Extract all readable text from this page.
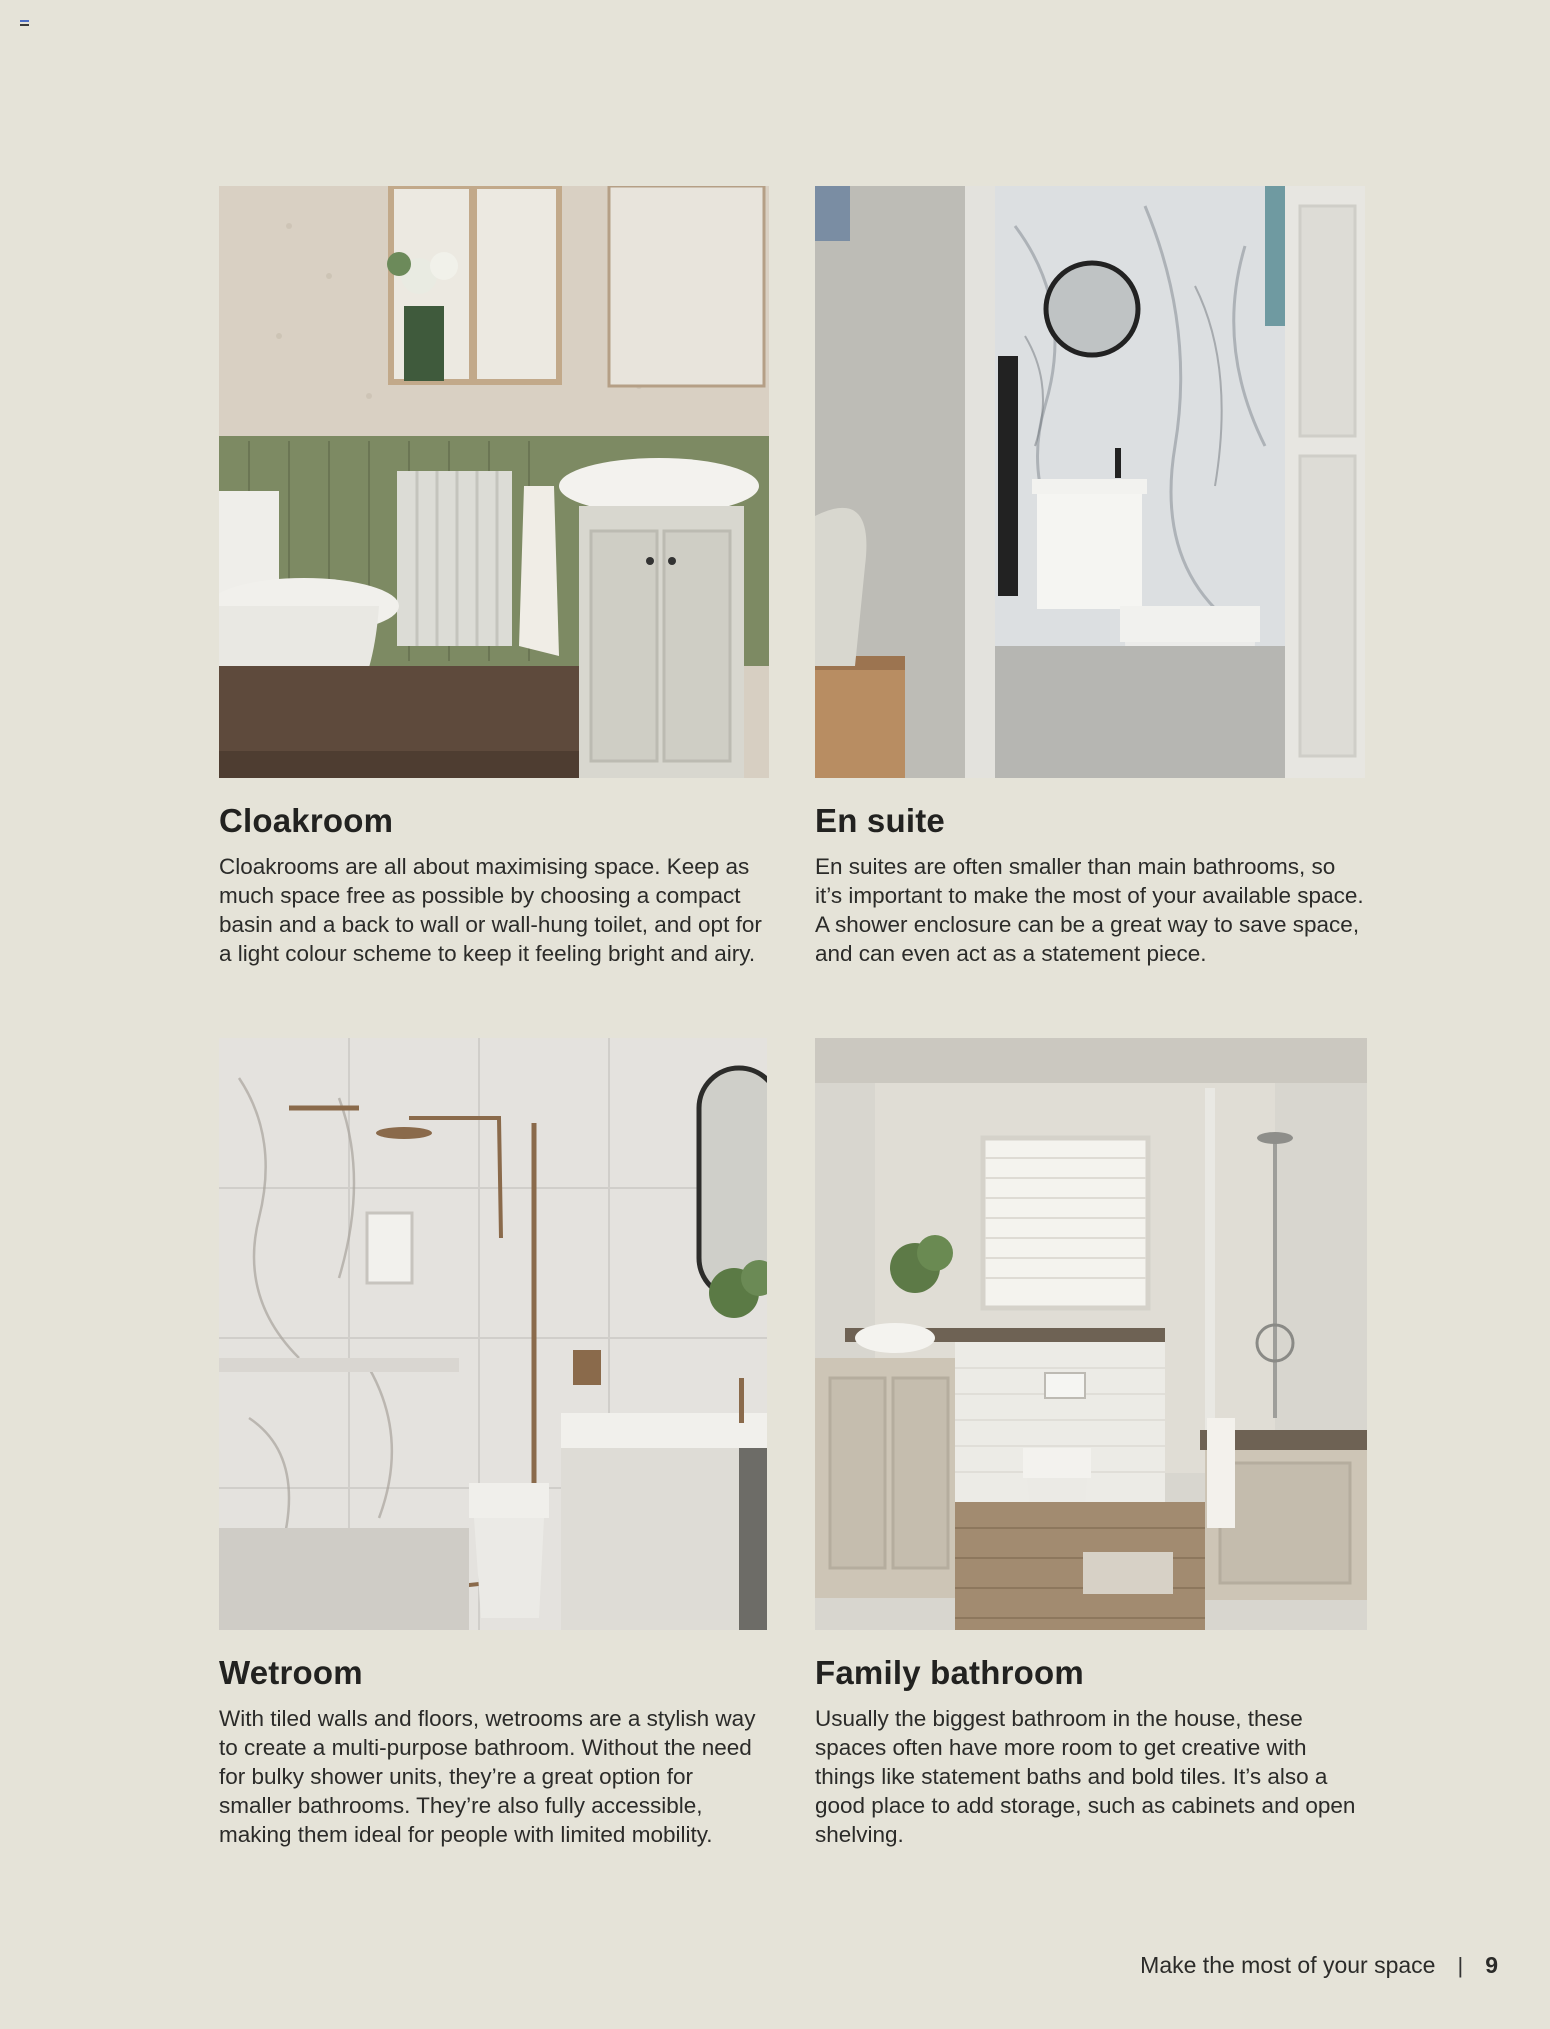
Cloakroom

Cloakrooms are all about maximising space. Keep as much space free as possible by choosing a compact basin and a back to wall or wall-hung toilet, and opt for a light colour scheme to keep it feeling bright and airy.

En suite

En suites are often smaller than main bathrooms, so it’s important to make the most of your available space. A shower enclosure can be a great way to save space, and can even act as a statement piece.

Wetroom

With tiled walls and floors, wetrooms are a stylish way to create a multi-purpose bathroom. Without the need for bulky shower units, they’re a great option for smaller bathrooms. They’re also fully accessible, making them ideal for people with limited mobility.

Family bathroom

Usually the biggest bathroom in the house, these spaces often have more room to get creative with things like statement baths and bold tiles. It’s also a good place to add storage, such as cabinets and open shelving.

Make the most of your space | 9
